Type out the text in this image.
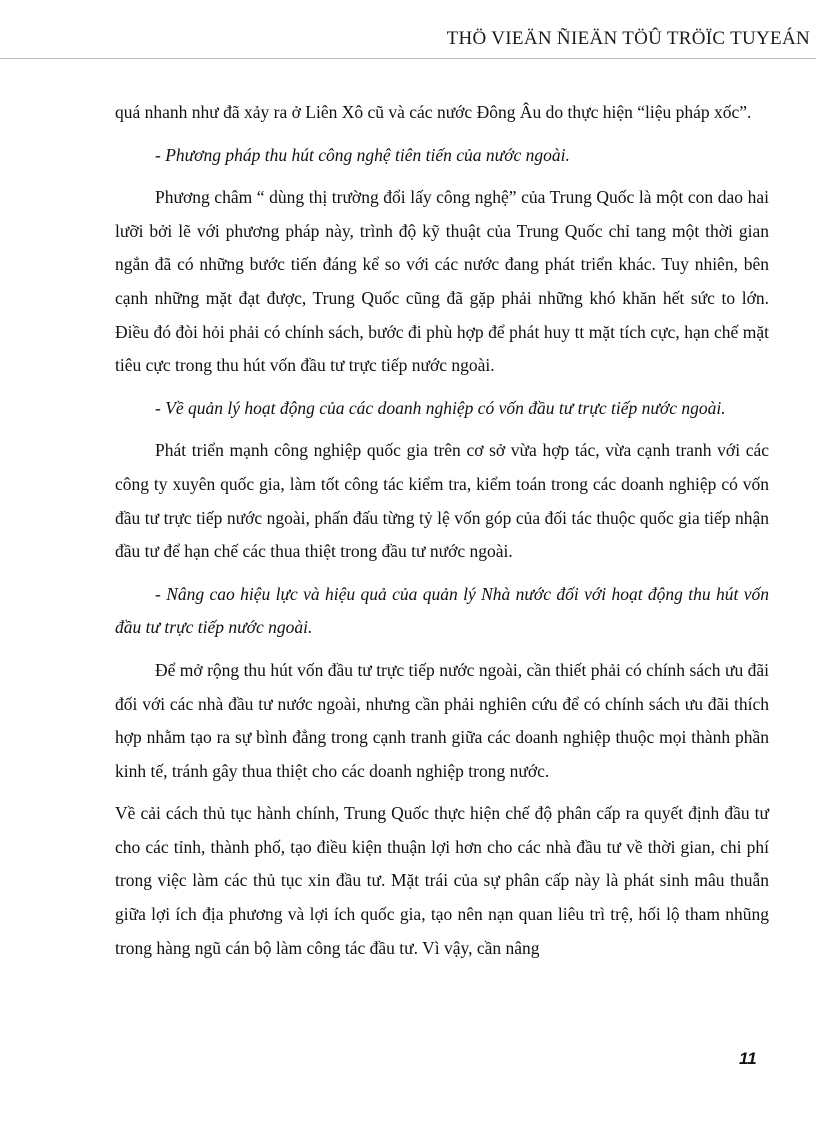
THÖ VIEÄN ÑIEÄN TÖÛ TRÖÏC TUYEÁN

quá nhanh như đã xảy ra ở Liên Xô cũ và các nước Đông Âu do thực hiện “liệu pháp xốc”.

- Phương pháp thu hút công nghệ tiên tiến của nước ngoài.

Phương châm “ dùng thị trường đổi lấy công nghệ” của Trung Quốc là một con dao hai lưỡi bởi lẽ với phương pháp này, trình độ kỹ thuật của Trung Quốc chỉ tang một thời gian ngắn đã có những bước tiến đáng kể so với các nước đang phát triển khác. Tuy nhiên, bên cạnh những mặt đạt được, Trung Quốc cũng đã gặp phải những khó khăn hết sức to lớn. Điều đó đòi hỏi phải có chính sách, bước đi phù hợp để phát huy tt mặt tích cực, hạn chế mặt tiêu cực trong thu hút vốn đầu tư trực tiếp nước ngoài.

- Về quản lý hoạt động của các doanh nghiệp có vốn đầu tư trực tiếp nước ngoài.

Phát triển mạnh công nghiệp quốc gia trên cơ sở vừa hợp tác, vừa cạnh tranh với các công ty xuyên quốc gia, làm tốt công tác kiểm tra, kiểm toán trong các doanh nghiệp có vốn đầu tư trực tiếp nước ngoài, phấn đấu từng tỷ lệ vốn góp của đối tác thuộc quốc gia tiếp nhận đầu tư để hạn chế các thua thiệt trong đầu tư nước ngoài.

- Nâng cao hiệu lực và hiệu quả của quản lý Nhà nước đối với hoạt động thu hút vốn đầu tư trực tiếp nước ngoài.

Để mở rộng thu hút vốn đầu tư trực tiếp nước ngoài, cần thiết phải có chính sách ưu đãi đối với các nhà đầu tư nước ngoài, nhưng cần phải nghiên cứu để có chính sách ưu đãi thích hợp nhằm tạo ra sự bình đẳng trong cạnh tranh giữa các doanh nghiệp thuộc mọi thành phần kinh tế, tránh gây thua thiệt cho các doanh nghiệp trong nước.

Về cải cách thủ tục hành chính, Trung Quốc thực hiện chế độ phân cấp ra quyết định đầu tư cho các tỉnh, thành phố, tạo điều kiện thuận lợi hơn cho các nhà đầu tư về thời gian, chi phí trong việc làm các thủ tục xin đầu tư. Mặt trái của sự phân cấp này là phát sinh mâu thuẫn giữa lợi ích địa phương và lợi ích quốc gia, tạo nên nạn quan liêu trì trệ, hối lộ tham nhũng trong hàng ngũ cán bộ làm công tác đầu tư. Vì vậy, cần nâng

11
